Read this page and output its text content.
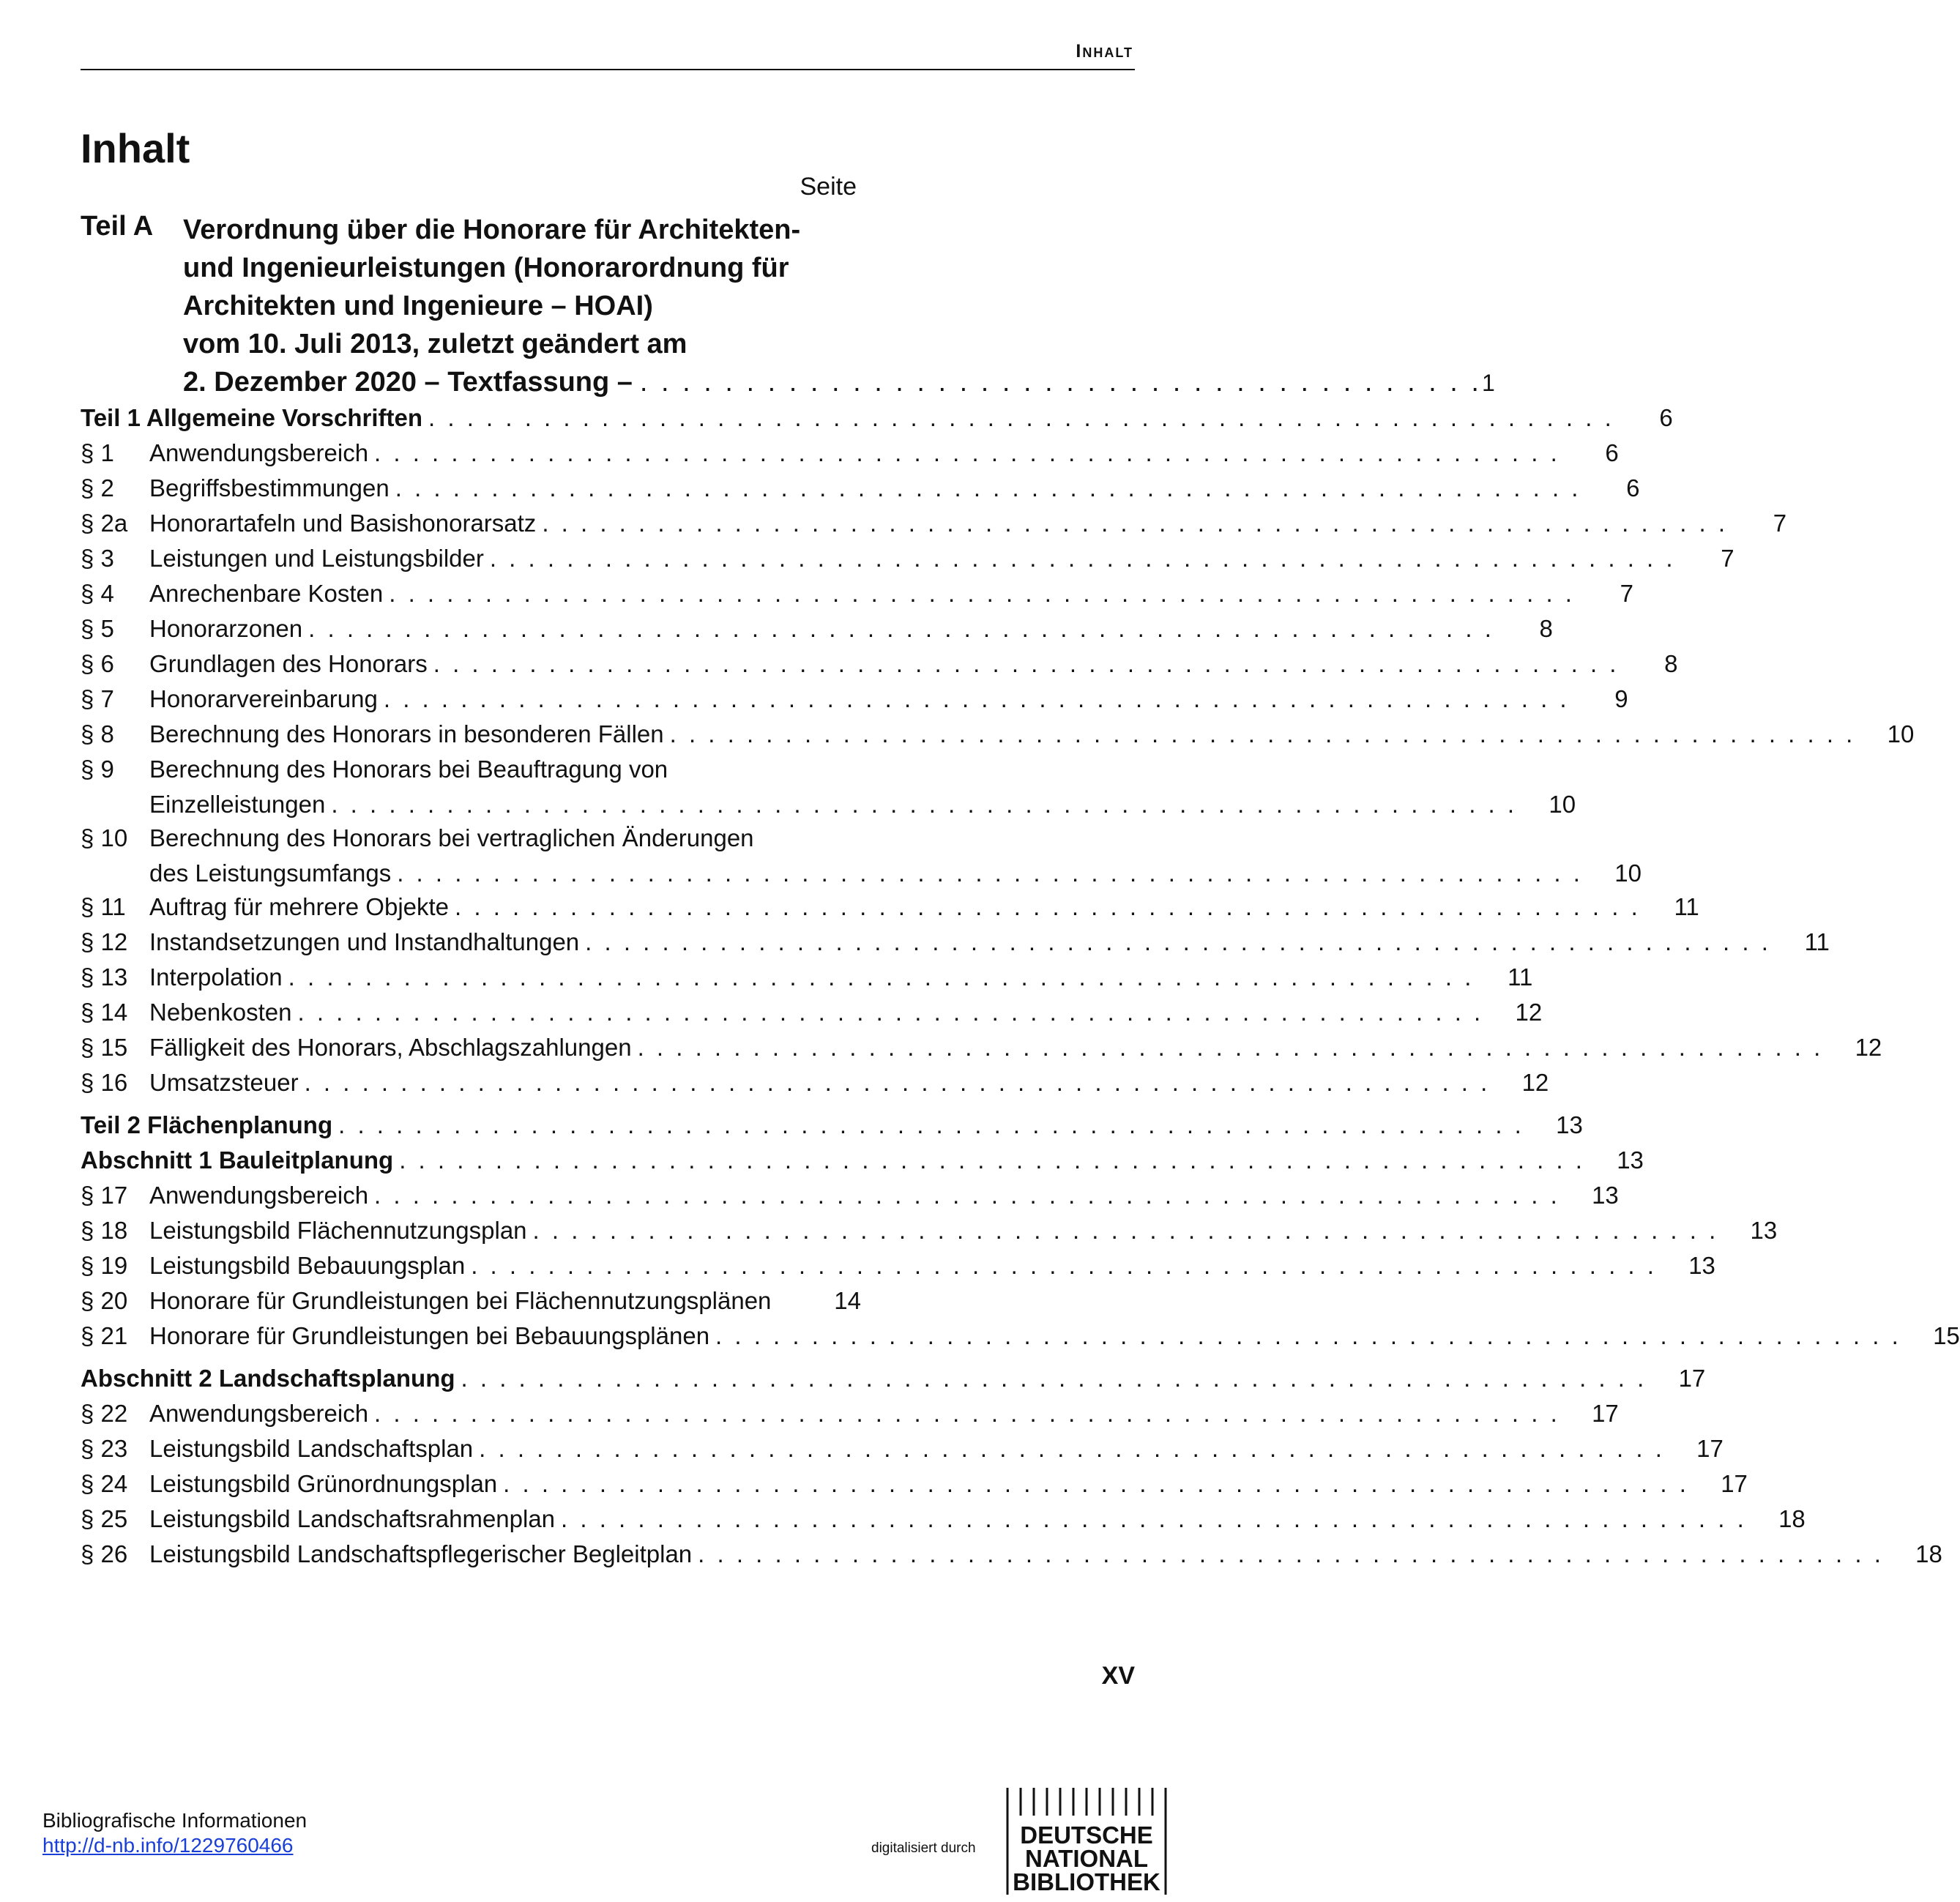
Inhalt
Inhalt
Seite
Teil A Verordnung über die Honorare für Architekten-
und Ingenieurleistungen (Honorarordnung für
Architekten und Ingenieure – HOAI)
vom 10. Juli 2013, zuletzt geändert am
2. Dezember 2020 – Textfassung – . . . . . . . . . . . . . . . . . . . . . . . . . . . . . . . . . . . . . . . . 1
Teil 1 Allgemeine Vorschriften . . . . . . . . . . . . . . . . . . . . . . . . . . . . . . . . . . . . . . . . . . . . . . . . . . . . . . . . . . . . . .	6
§ 1	Anwendungsbereich . . . . . . . . . . . . . . . . . . . . . . . . . . . . . . . . . . . . . . . . . . . . . . . . . . . . . . . . . . . . . .	6
§ 2	Begriffsbestimmungen . . . . . . . . . . . . . . . . . . . . . . . . . . . . . . . . . . . . . . . . . . . . . . . . . . . . . . . . . . . . . .	6
§ 2a Honorartafeln und Basishonorarsatz . . . . . . . . . . . . . . . . . . . . . . . . . . . . . . . . . . . . . . . . . . . . . . . . . . . . . . . . . . . . . .	7
§ 3	Leistungen und Leistungsbilder . . . . . . . . . . . . . . . . . . . . . . . . . . . . . . . . . . . . . . . . . . . . . . . . . . . . . . . . . . . . . .	7
§ 4	Anrechenbare Kosten . . . . . . . . . . . . . . . . . . . . . . . . . . . . . . . . . . . . . . . . . . . . . . . . . . . . . . . . . . . . . .	7
§ 5	Honorarzonen . . . . . . . . . . . . . . . . . . . . . . . . . . . . . . . . . . . . . . . . . . . . . . . . . . . . . . . . . . . . . .	8
§ 6	Grundlagen des Honorars . . . . . . . . . . . . . . . . . . . . . . . . . . . . . . . . . . . . . . . . . . . . . . . . . . . . . . . . . . . . . .	8
§ 7	Honorarvereinbarung . . . . . . . . . . . . . . . . . . . . . . . . . . . . . . . . . . . . . . . . . . . . . . . . . . . . . . . . . . . . . .	9
§ 8	Berechnung des Honorars in besonderen Fällen . . . . . . . . . . . . . . . . . . . . . . . . . . . . . . . . . . . . . . . . . . . . . . . . . . . . . . . . . . . . . .	10
§ 9	Berechnung des Honorars bei Beauftragung von
Einzelleistungen . . . . . . . . . . . . . . . . . . . . . . . . . . . . . . . . . . . . . . . . . . . . . . . . . . . . . . . . . . . . . .	10
§ 10 Berechnung des Honorars bei vertraglichen Änderungen
des Leistungsumfangs . . . . . . . . . . . . . . . . . . . . . . . . . . . . . . . . . . . . . . . . . . . . . . . . . . . . . . . . . . . . . .	10
§ 11 Auftrag für mehrere Objekte . . . . . . . . . . . . . . . . . . . . . . . . . . . . . . . . . . . . . . . . . . . . . . . . . . . . . . . . . . . . . .	11
§ 12 Instandsetzungen und Instandhaltungen . . . . . . . . . . . . . . . . . . . . . . . . . . . . . . . . . . . . . . . . . . . . . . . . . . . . . . . . . . . . . .	11
§ 13 Interpolation . . . . . . . . . . . . . . . . . . . . . . . . . . . . . . . . . . . . . . . . . . . . . . . . . . . . . . . . . . . . . .	11
§ 14 Nebenkosten . . . . . . . . . . . . . . . . . . . . . . . . . . . . . . . . . . . . . . . . . . . . . . . . . . . . . . . . . . . . . .	12
§ 15 Fälligkeit des Honorars, Abschlagszahlungen . . . . . . . . . . . . . . . . . . . . . . . . . . . . . . . . . . . . . . . . . . . . . . . . . . . . . . . . . . . . . .	12
§ 16 Umsatzsteuer . . . . . . . . . . . . . . . . . . . . . . . . . . . . . . . . . . . . . . . . . . . . . . . . . . . . . . . . . . . . . .	12
Teil 2 Flächenplanung . . . . . . . . . . . . . . . . . . . . . . . . . . . . . . . . . . . . . . . . . . . . . . . . . . . . . . . . . . . . . .	13
Abschnitt 1 Bauleitplanung . . . . . . . . . . . . . . . . . . . . . . . . . . . . . . . . . . . . . . . . . . . . . . . . . . . . . . . . . . . . . .	13
§ 17 Anwendungsbereich . . . . . . . . . . . . . . . . . . . . . . . . . . . . . . . . . . . . . . . . . . . . . . . . . . . . . . . . . . . . . .	13
§ 18 Leistungsbild Flächennutzungsplan . . . . . . . . . . . . . . . . . . . . . . . . . . . . . . . . . . . . . . . . . . . . . . . . . . . . . . . . . . . . . .	13
§ 19 Leistungsbild Bebauungsplan . . . . . . . . . . . . . . . . . . . . . . . . . . . . . . . . . . . . . . . . . . . . . . . . . . . . . . . . . . . . . .	13
§ 20 Honorare für Grundleistungen bei Flächennutzungsplänen	14
§ 21 Honorare für Grundleistungen bei Bebauungsplänen . . . . . . . . . . . . . . . . . . . . . . . . . . . . . . . . . . . . . . . . . . . . . . . . . . . . . . . . . . . . . .	15
Abschnitt 2 Landschaftsplanung . . . . . . . . . . . . . . . . . . . . . . . . . . . . . . . . . . . . . . . . . . . . . . . . . . . . . . . . . . . . . .	17
§ 22 Anwendungsbereich . . . . . . . . . . . . . . . . . . . . . . . . . . . . . . . . . . . . . . . . . . . . . . . . . . . . . . . . . . . . . .	17
§ 23 Leistungsbild Landschaftsplan . . . . . . . . . . . . . . . . . . . . . . . . . . . . . . . . . . . . . . . . . . . . . . . . . . . . . . . . . . . . . .	17
§ 24 Leistungsbild Grünordnungsplan . . . . . . . . . . . . . . . . . . . . . . . . . . . . . . . . . . . . . . . . . . . . . . . . . . . . . . . . . . . . . .	17
§ 25 Leistungsbild Landschaftsrahmenplan . . . . . . . . . . . . . . . . . . . . . . . . . . . . . . . . . . . . . . . . . . . . . . . . . . . . . . . . . . . . . .	18
§ 26 Leistungsbild Landschaftspflegerischer Begleitplan . . . . . . . . . . . . . . . . . . . . . . . . . . . . . . . . . . . . . . . . . . . . . . . . . . . . . . . . . . . . . .	18
XV
Bibliografische Informationen
http://d-nb.info/1229760466	digitalisiert durch DEUTSCHE
NATIONAL
BIBLIOTHEK
